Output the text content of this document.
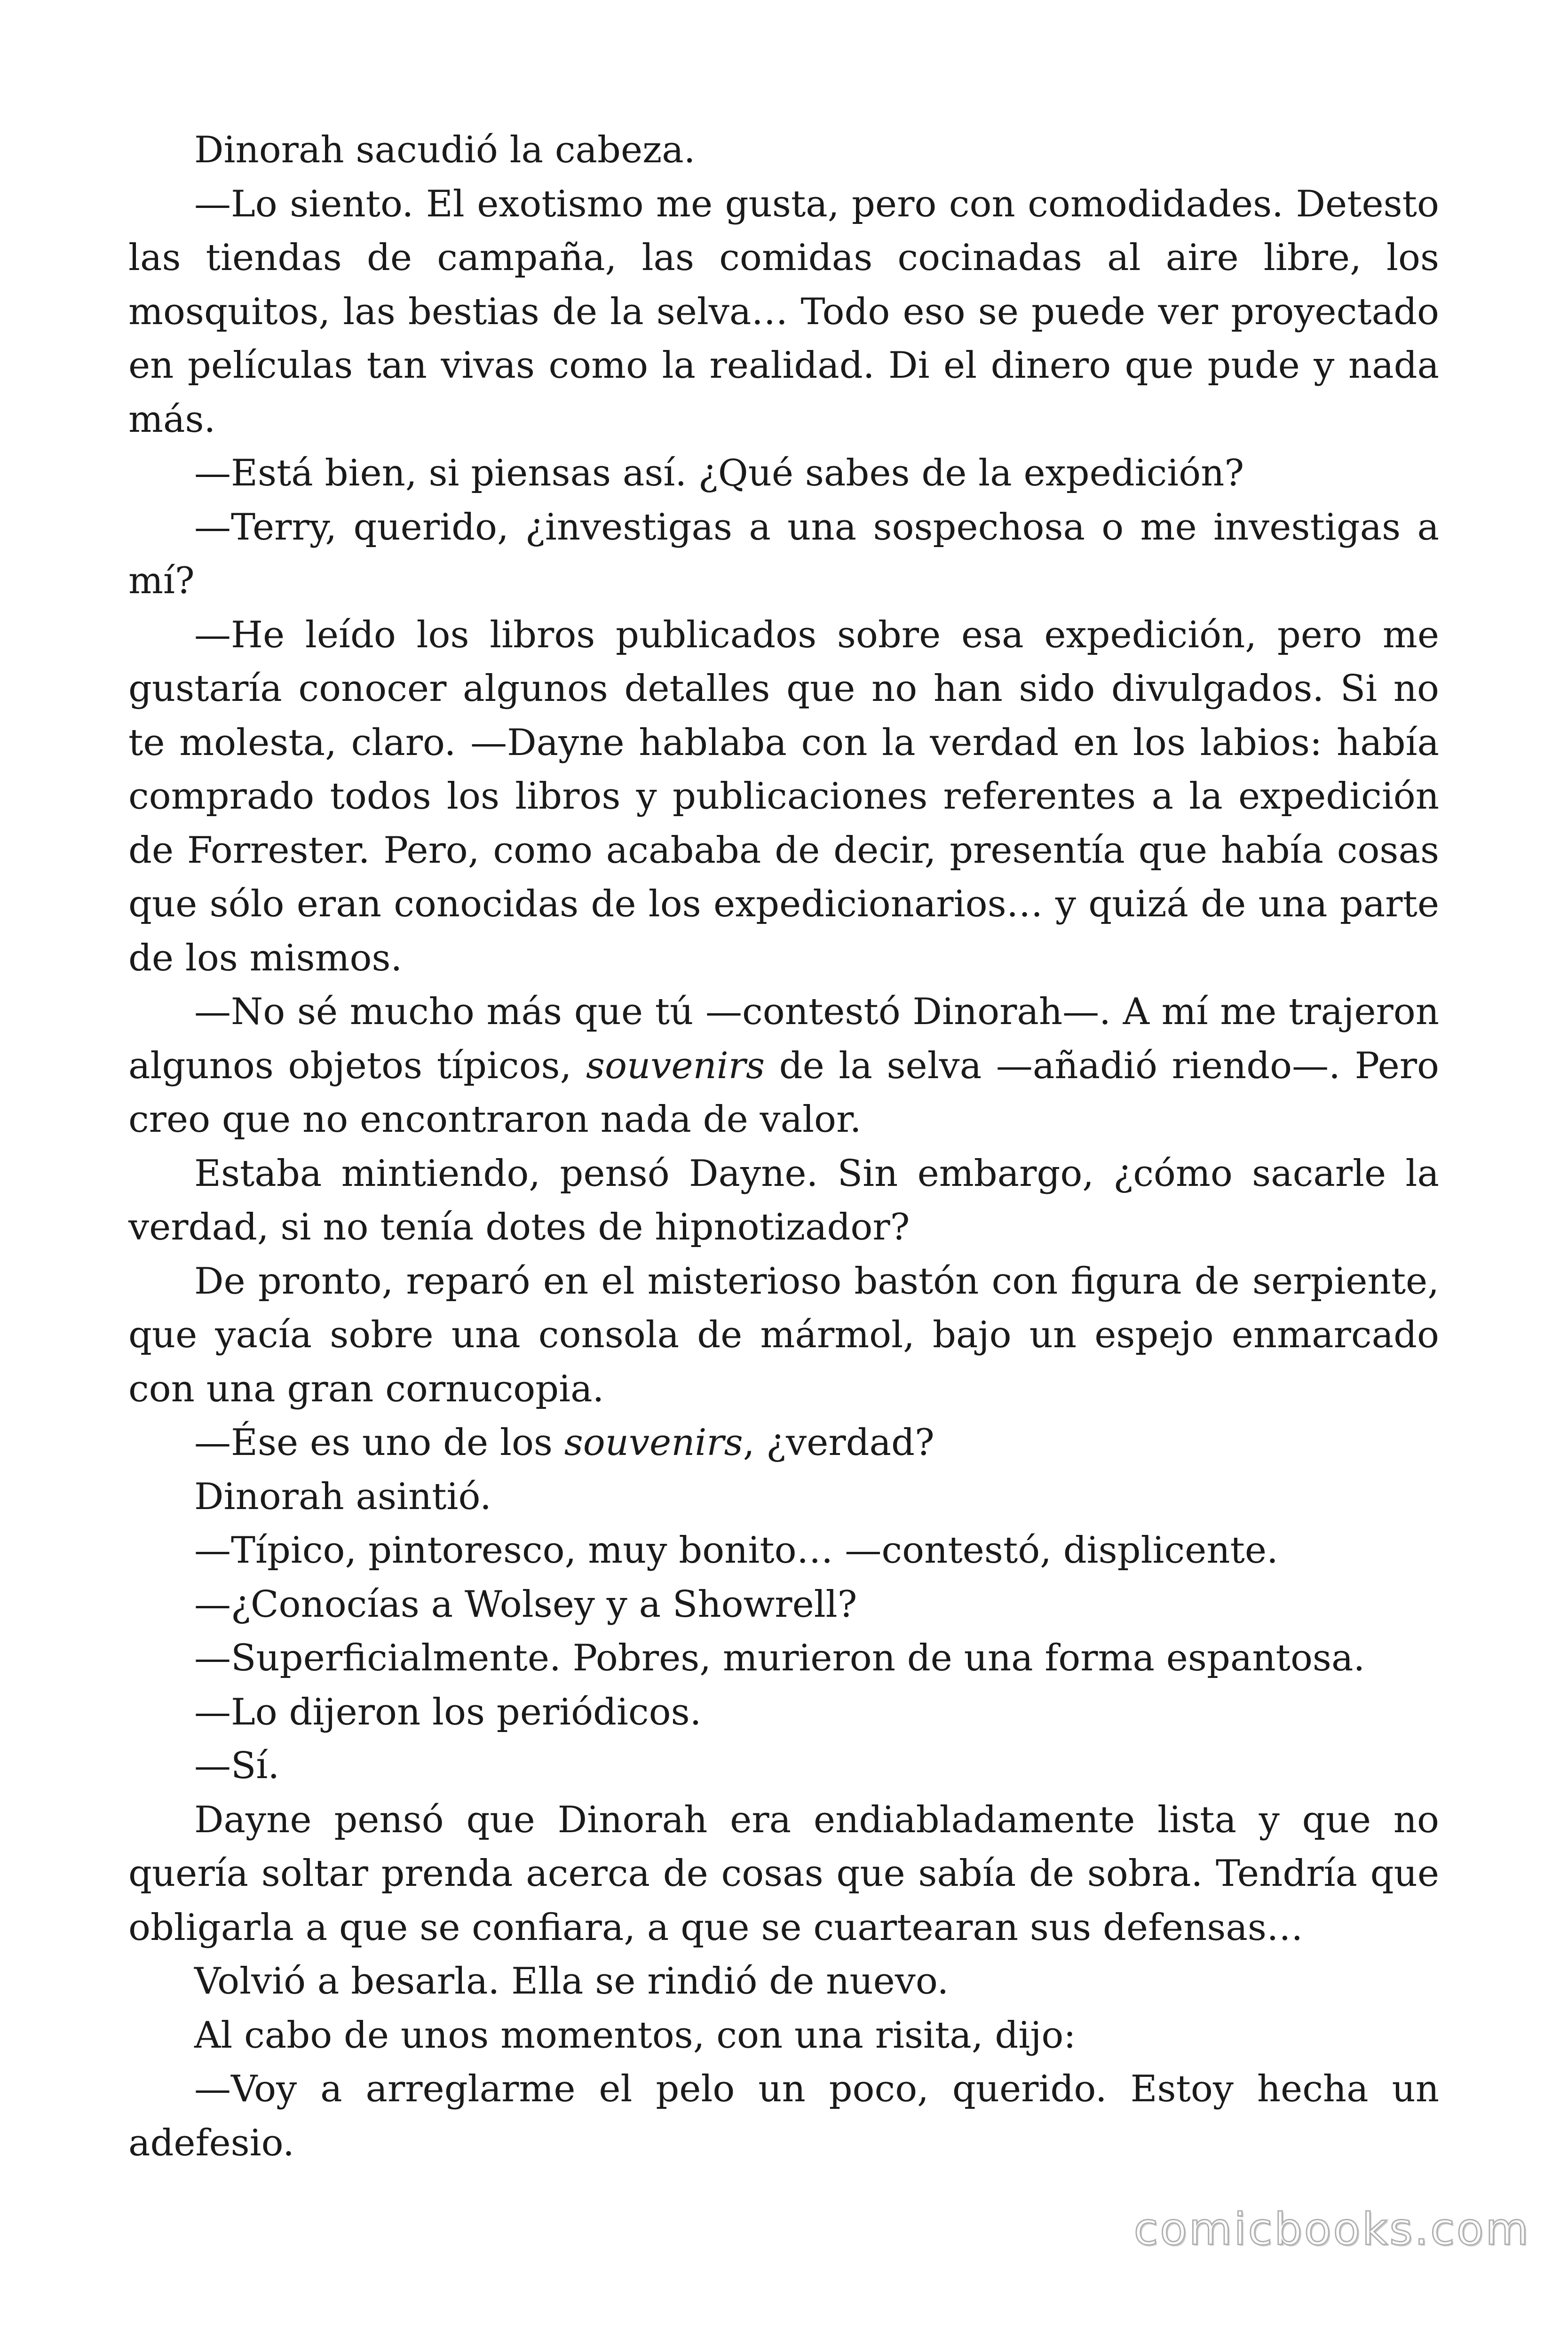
Dinorah sacudió la cabeza.

—Lo siento. El exotismo me gusta, pero con comodidades. Detesto las tiendas de campaña, las comidas cocinadas al aire libre, los mosquitos, las bestias de la selva… Todo eso se puede ver proyectado en películas tan vivas como la realidad. Di el dinero que pude y nada más.

—Está bien, si piensas así. ¿Qué sabes de la expedición?

—Terry, querido, ¿investigas a una sospechosa o me investigas a mí?

—He leído los libros publicados sobre esa expedición, pero me gustaría conocer algunos detalles que no han sido divulgados. Si no te molesta, claro. —Dayne hablaba con la verdad en los labios: había comprado todos los libros y publicaciones referentes a la expedición de Forrester. Pero, como acababa de decir, presentía que había cosas que sólo eran conocidas de los expedicionarios… y quizá de una parte de los mismos.

—No sé mucho más que tú —contestó Dinorah—. A mí me trajeron algunos objetos típicos, souvenirs de la selva —añadió riendo—. Pero creo que no encontraron nada de valor.

Estaba mintiendo, pensó Dayne. Sin embargo, ¿cómo sacarle la verdad, si no tenía dotes de hipnotizador?

De pronto, reparó en el misterioso bastón con figura de serpiente, que yacía sobre una consola de mármol, bajo un espejo enmarcado con una gran cornucopia.

—Ése es uno de los souvenirs, ¿verdad?

Dinorah asintió.

—Típico, pintoresco, muy bonito… —contestó, displicente.

—¿Conocías a Wolsey y a Showrell?

—Superficialmente. Pobres, murieron de una forma espantosa.

—Lo dijeron los periódicos.

—Sí.

Dayne pensó que Dinorah era endiabladamente lista y que no quería soltar prenda acerca de cosas que sabía de sobra. Tendría que obligarla a que se confiara, a que se cuartearan sus defensas…

Volvió a besarla. Ella se rindió de nuevo.

Al cabo de unos momentos, con una risita, dijo:

—Voy a arreglarme el pelo un poco, querido. Estoy hecha un adefesio.

comicbooks.com
